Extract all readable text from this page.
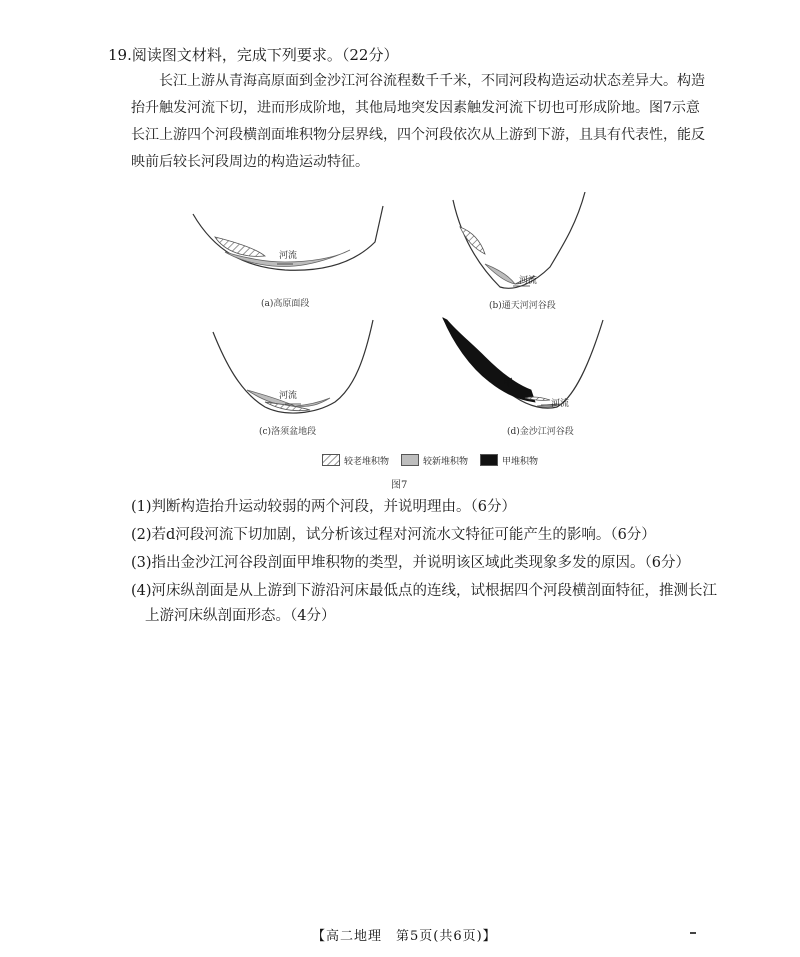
19.阅读图文材料，完成下列要求。（22分）
长江上游从青海高原面到金沙江河谷流程数千千米，不同河段构造运动状态差异大。构造抬升触发河流下切，进而形成阶地，其他局地突发因素触发河流下切也可形成阶地。图7示意长江上游四个河段横剖面堆积物分层界线，四个河段依次从上游到下游，且具有代表性，能反映前后较长河段周边的构造运动特征。
河流
(a)高原面段
河流
(b)通天河河谷段
河流
(c)洛须盆地段
甲
河流
(d)金沙江河谷段
较老堆积物	较新堆积物	甲堆积物
图7
(1)判断构造抬升运动较弱的两个河段，并说明理由。（6分）
(2)若d河段河流下切加剧，试分析该过程对河流水文特征可能产生的影响。（6分）
(3)指出金沙江河谷段剖面甲堆积物的类型，并说明该区域此类现象多发的原因。（6分）
(4)河床纵剖面是从上游到下游沿河床最低点的连线，试根据四个河段横剖面特征，推测长江上游河床纵剖面形态。（4分）
【高二地理　第5页(共6页)】
